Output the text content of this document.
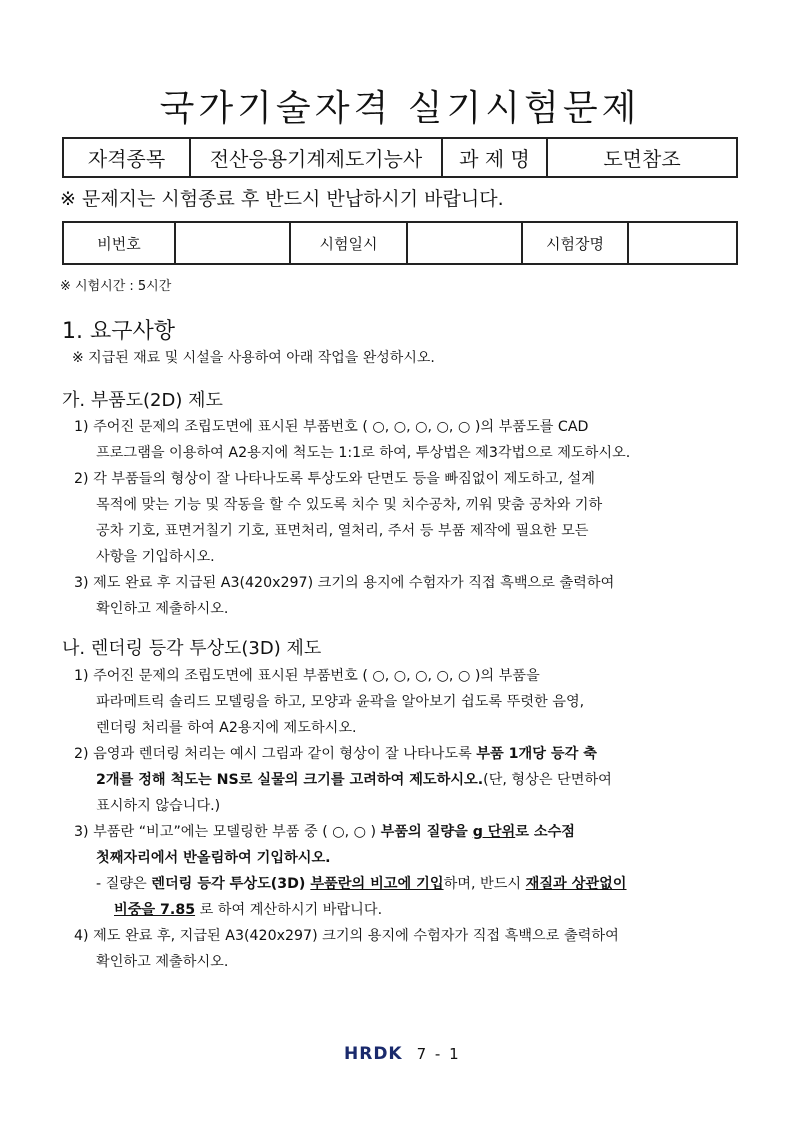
국가기술자격 실기시험문제
자격종목	전산응용기계제도기능사	과 제 명	도면참조
※ 문제지는 시험종료 후 반드시 반납하시기 바랍니다.
비번호		시험일시		시험장명	
※ 시험시간 : 5시간
1. 요구사항
※ 지급된 재료 및 시설을 사용하여 아래 작업을 완성하시오.
가. 부품도(2D) 제도
1) 주어진 문제의 조립도면에 표시된 부품번호 ( ○, ○, ○, ○, ○ )의 부품도를 CAD
프로그램을 이용하여 A2용지에 척도는 1:1로 하여, 투상법은 제3각법으로 제도하시오.
2) 각 부품들의 형상이 잘 나타나도록 투상도와 단면도 등을 빠짐없이 제도하고, 설계
목적에 맞는 기능 및 작동을 할 수 있도록 치수 및 치수공차, 끼워 맞춤 공차와 기하
공차 기호, 표면거칠기 기호, 표면처리, 열처리, 주서 등 부품 제작에 필요한 모든
사항을 기입하시오.
3) 제도 완료 후 지급된 A3(420x297) 크기의 용지에 수험자가 직접 흑백으로 출력하여
확인하고 제출하시오.
나. 렌더링 등각 투상도(3D) 제도
1) 주어진 문제의 조립도면에 표시된 부품번호 ( ○, ○, ○, ○, ○ )의 부품을
파라메트릭 솔리드 모델링을 하고, 모양과 윤곽을 알아보기 쉽도록 뚜렷한 음영,
렌더링 처리를 하여 A2용지에 제도하시오.
2) 음영과 렌더링 처리는 예시 그림과 같이 형상이 잘 나타나도록 부품 1개당 등각 축
2개를 정해 척도는 NS로 실물의 크기를 고려하여 제도하시오.(단, 형상은 단면하여
표시하지 않습니다.)
3) 부품란 “비고”에는 모델링한 부품 중 ( ○, ○ ) 부품의 질량을 g 단위로 소수점
첫째자리에서 반올림하여 기입하시오.
- 질량은 렌더링 등각 투상도(3D) 부품란의 비고에 기입하며, 반드시 재질과 상관없이
비중을 7.85 로 하여 계산하시기 바랍니다.
4) 제도 완료 후, 지급된 A3(420x297) 크기의 용지에 수험자가 직접 흑백으로 출력하여
확인하고 제출하시오.
HRDK 7 - 1
